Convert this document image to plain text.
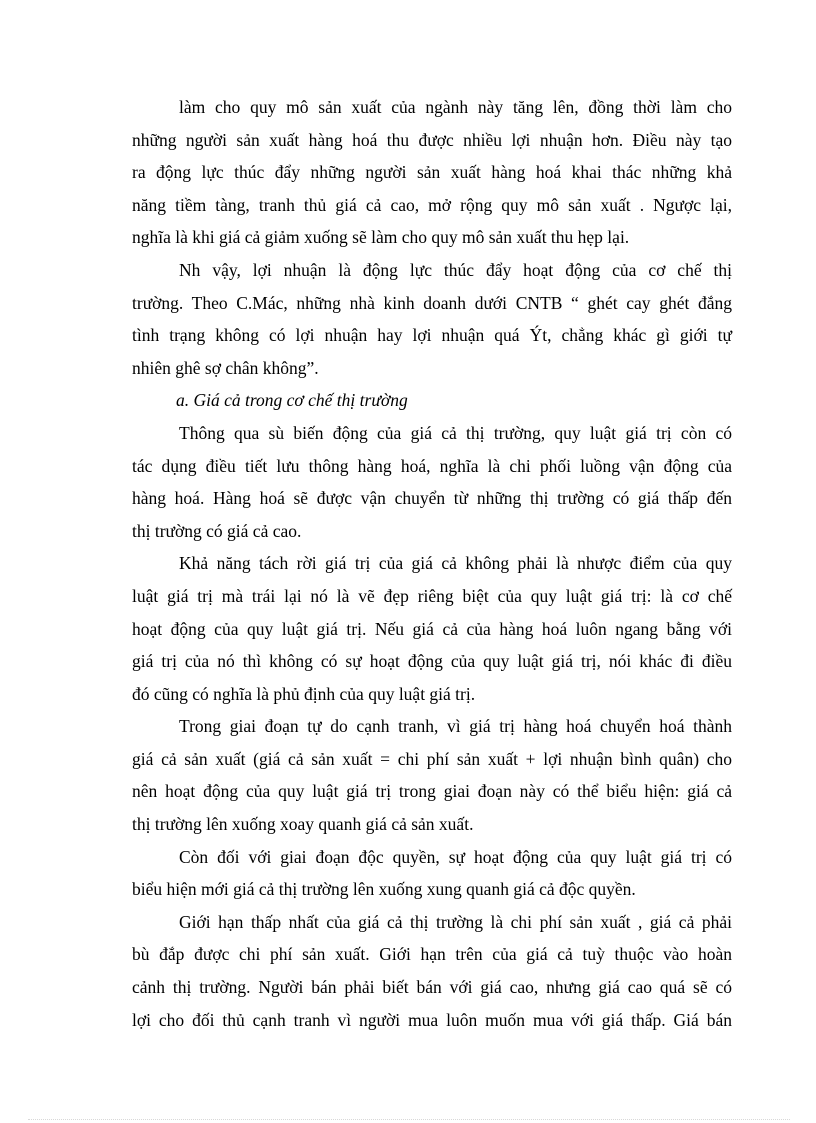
làm cho quy mô sản xuất của ngành này tăng lên, đồng thời làm cho
những người sản xuất hàng hoá thu được nhiều lợi nhuận hơn. Điều này tạo
ra động lực thúc đẩy những người sản xuất hàng hoá khai thác những khả
năng tiềm tàng, tranh thủ giá cả cao, mở rộng quy mô sản xuất . Ngược lại,
nghĩa là khi giá cả giảm xuống sẽ làm cho quy mô sản xuất thu hẹp lại.
Nh vậy, lợi nhuận là động lực thúc đẩy hoạt động của cơ chế thị
trường. Theo C.Mác, những nhà kinh doanh dưới CNTB “ ghét cay ghét đắng
tình trạng không có lợi nhuận hay lợi nhuận quá Ýt, chẳng khác gì giới tự
nhiên ghê sợ chân không”.
a. Giá cả trong cơ chế thị trường
Thông qua sù biến động của giá cả thị trường, quy luật giá trị còn có
tác dụng điều tiết lưu thông hàng hoá, nghĩa là chi phối luồng vận động của
hàng hoá. Hàng hoá sẽ được vận chuyển từ những thị trường có giá thấp đến
thị trường có giá cả cao.
Khả năng tách rời giá trị của giá cả không phải là nhược điểm của quy
luật giá trị mà trái lại nó là vẽ đẹp riêng biệt của quy luật giá trị: là cơ chế
hoạt động của quy luật giá trị. Nếu giá cả của hàng hoá luôn ngang bằng với
giá trị của nó thì không có sự hoạt động của quy luật giá trị, nói khác đi điều
đó cũng có nghĩa là phủ định của quy luật giá trị.
Trong giai đoạn tự do cạnh tranh, vì giá trị hàng hoá chuyển hoá thành
giá cả sản xuất (giá cả sản xuất = chi phí sản xuất + lợi nhuận bình quân) cho
nên hoạt động của quy luật giá trị trong giai đoạn này có thể biểu hiện: giá cả
thị trường lên xuống xoay quanh giá cả sản xuất.
Còn đối với giai đoạn độc quyền, sự hoạt động của quy luật giá trị có
biểu hiện mới giá cả thị trường lên xuống xung quanh giá cả độc quyền.
Giới hạn thấp nhất của giá cả thị trường là chi phí sản xuất , giá cả phải
bù đắp được chi phí sản xuất. Giới hạn trên của giá cả tuỳ thuộc vào hoàn
cảnh thị trường. Người bán phải biết bán với giá cao, nhưng giá cao quá sẽ có
lợi cho đối thủ cạnh tranh vì người mua luôn muốn mua với giá thấp. Giá bán
